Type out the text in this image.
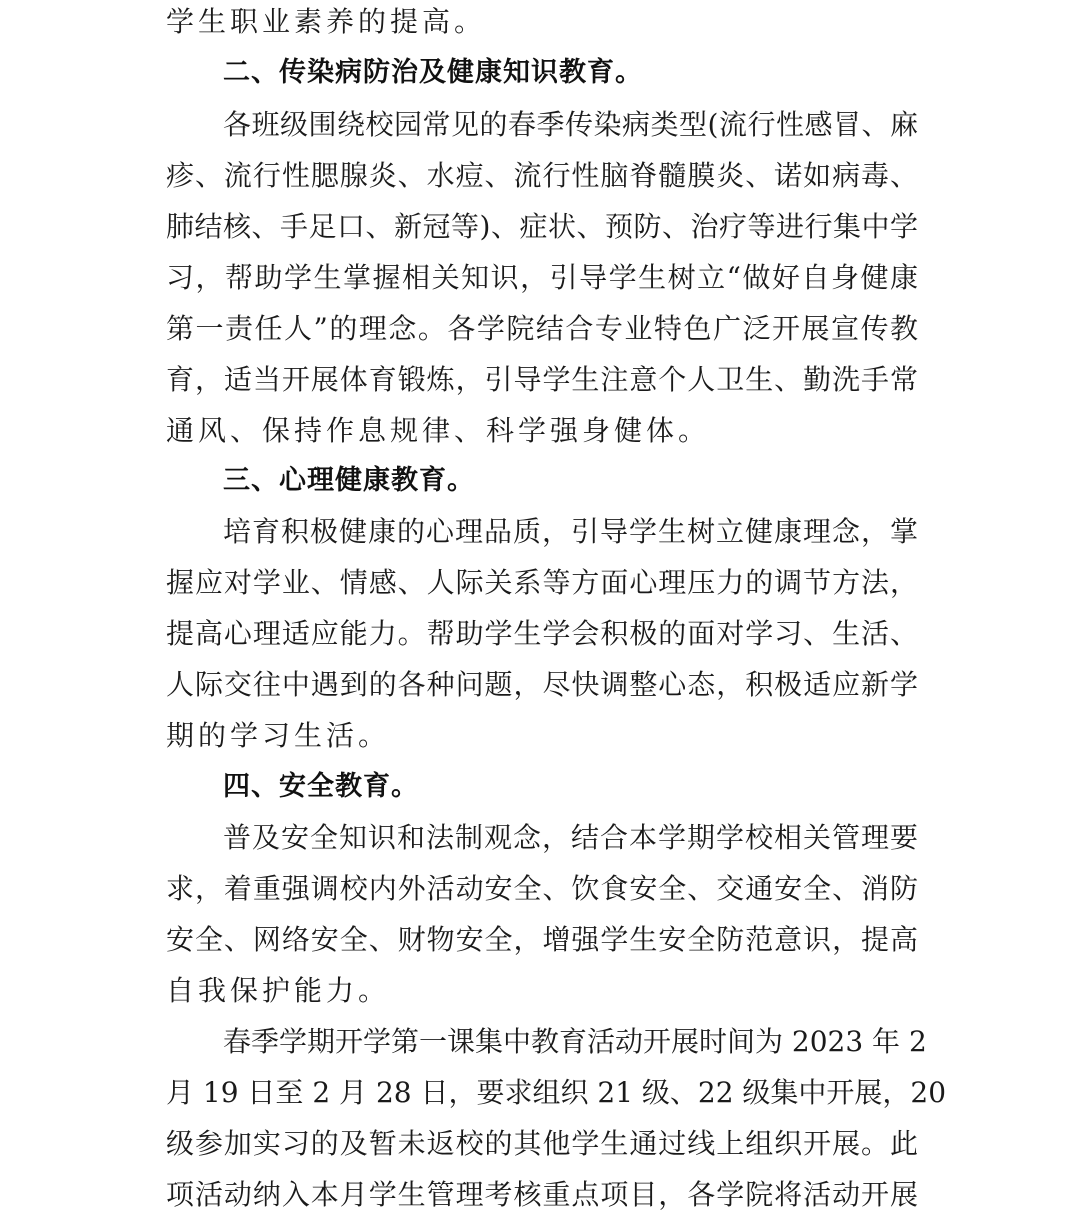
学生职业素养的提高。
二、传染病防治及健康知识教育。
各班级围绕校园常见的春季传染病类型(流行性感冒、麻
疹、流行性腮腺炎、水痘、流行性脑脊髓膜炎、诺如病毒、
肺结核、手足口、新冠等)、症状、预防、治疗等进行集中学
习，帮助学生掌握相关知识，引导学生树立“做好自身健康
第一责任人”的理念。各学院结合专业特色广泛开展宣传教
育，适当开展体育锻炼，引导学生注意个人卫生、勤洗手常
通风、保持作息规律、科学强身健体。
三、心理健康教育。
培育积极健康的心理品质，引导学生树立健康理念，掌
握应对学业、情感、人际关系等方面心理压力的调节方法，
提高心理适应能力。帮助学生学会积极的面对学习、生活、
人际交往中遇到的各种问题，尽快调整心态，积极适应新学
期的学习生活。
四、安全教育。
普及安全知识和法制观念，结合本学期学校相关管理要
求，着重强调校内外活动安全、饮食安全、交通安全、消防
安全、网络安全、财物安全，增强学生安全防范意识，提高
自我保护能力。
春季学期开学第一课集中教育活动开展时间为 2023 年 2
月 19 日至 2 月 28 日，要求组织 21 级、22 级集中开展，20
级参加实习的及暂未返校的其他学生通过线上组织开展。此
项活动纳入本月学生管理考核重点项目，各学院将活动开展
